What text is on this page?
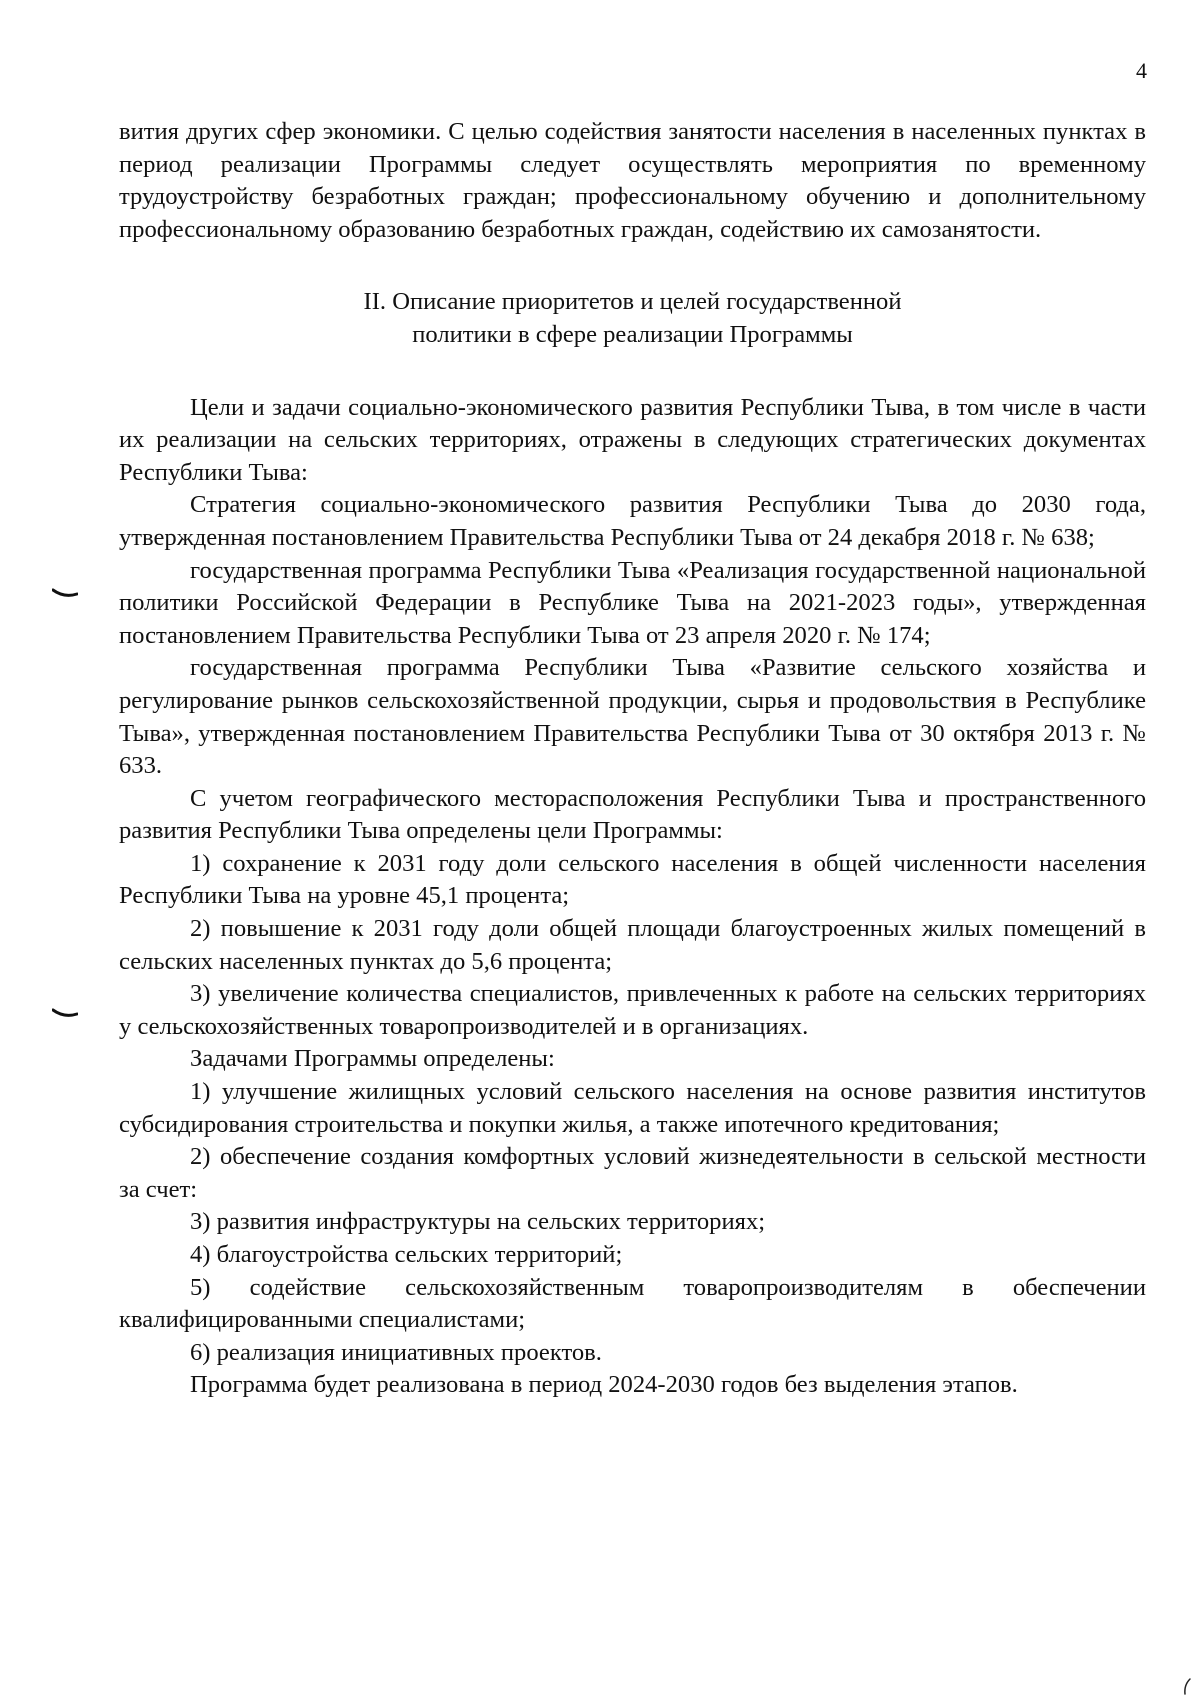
4

вития других сфер экономики. С целью содействия занятости населения в населенных пунктах в период реализации Программы следует осуществлять мероприятия по временному трудоустройству безработных граждан; профессиональному обучению и дополнительному профессиональному образованию безработных граждан, содействию их самозанятости.

II. Описание приоритетов и целей государственной
политики в сфере реализации Программы

Цели и задачи социально-экономического развития Республики Тыва, в том числе в части их реализации на сельских территориях, отражены в следующих стратегических документах Республики Тыва:

Стратегия социально-экономического развития Республики Тыва до 2030 года, утвержденная постановлением Правительства Республики Тыва от 24 декабря 2018 г. № 638;

государственная программа Республики Тыва «Реализация государственной национальной политики Российской Федерации в Республике Тыва на 2021-2023 годы», утвержденная постановлением Правительства Республики Тыва от 23 апреля 2020 г. № 174;

государственная программа Республики Тыва «Развитие сельского хозяйства и регулирование рынков сельскохозяйственной продукции, сырья и продовольствия в Республике Тыва», утвержденная постановлением Правительства Республики Тыва от 30 октября 2013 г. № 633.

С учетом географического месторасположения Республики Тыва и пространственного развития Республики Тыва определены цели Программы:

1) сохранение к 2031 году доли сельского населения в общей численности населения Республики Тыва на уровне 45,1 процента;

2) повышение к 2031 году доли общей площади благоустроенных жилых помещений в сельских населенных пунктах до 5,6 процента;

3) увеличение количества специалистов, привлеченных к работе на сельских территориях у сельскохозяйственных товаропроизводителей и в организациях.

Задачами Программы определены:

1) улучшение жилищных условий сельского населения на основе развития институтов субсидирования строительства и покупки жилья, а также ипотечного кредитования;

2) обеспечение создания комфортных условий жизнедеятельности в сельской местности за счет:

3) развития инфраструктуры на сельских территориях;

4) благоустройства сельских территорий;

5) содействие сельскохозяйственным товаропроизводителям в обеспечении квалифицированными специалистами;

6) реализация инициативных проектов.

Программа будет реализована в период 2024-2030 годов без выделения этапов.
